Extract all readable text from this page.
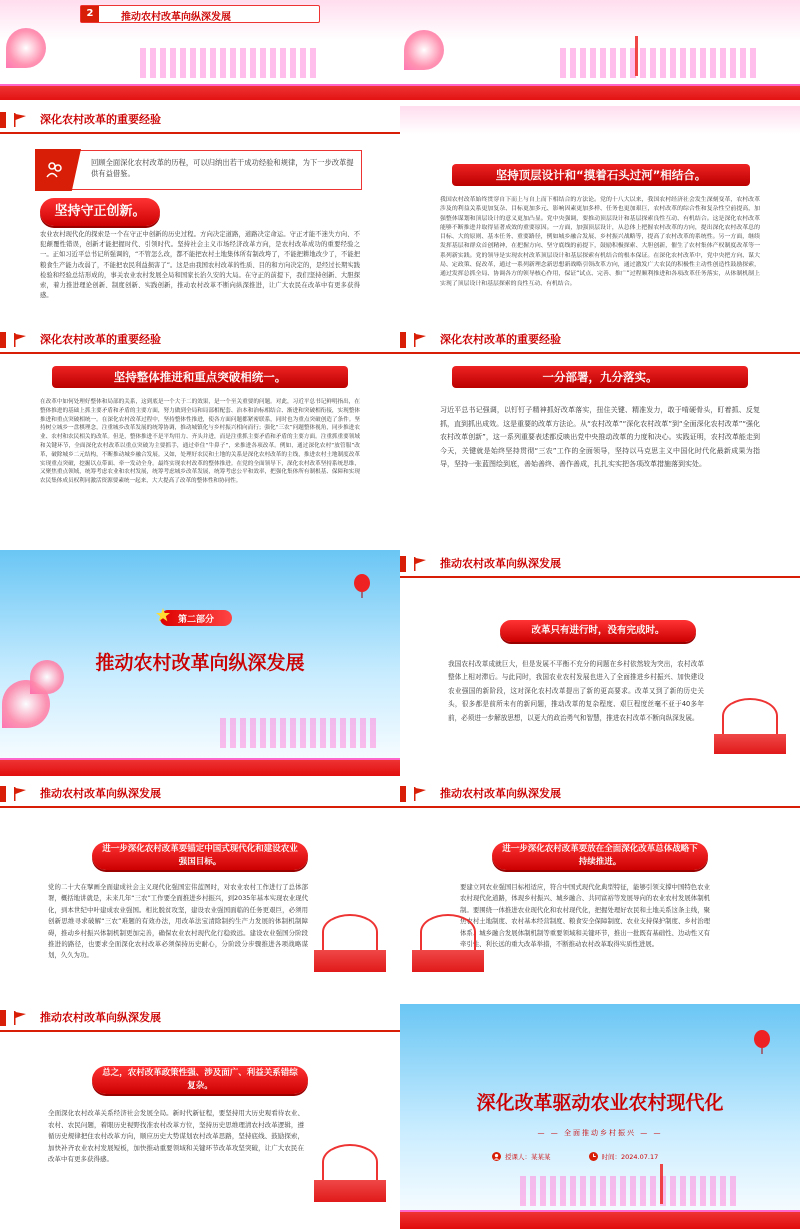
2	推动农村改革向纵深发展
深化农村改革的重要经验
回顾全面深化农村改革的历程，可以归纳出若干成功经验和规律，为下一步改革提供有益借鉴。
坚持守正创新。
农业农村现代化的探索是一个在守正中创新的历史过程。方向决定道路，道路决定命运。守正才能不迷失方向、不犯颠覆性错误，创新才能把握时代、引领时代。坚持社会主义市场经济改革方向，是农村改革成功的重要经验之一。正如习近平总书记所强调的，“不管怎么改，都不能把农村土地集体所有制改垮了，不能把耕地改少了，不能把粮食生产能力改弱了，不能把农民利益损害了”。这是由我国农村改革的性质、目的和方向决定的，是经过长期实践检验和经验总结形成的，事关农业农村发展全局和国家长治久安的大局。在守正的前提下，我们坚持创新、大胆探索，着力推进理论创新、制度创新、实践创新，推动农村改革不断向纵深推进，让广大农民在改革中有更多获得感。
坚持顶层设计和“摸着石头过河”相结合。
我国农村改革始终贯穿自下而上与自上而下相结合的方法论。党的十八大以来，我国农村经济社会发生深刻变革，农村改革涉及的利益关系更加复杂、目标更加多元、影响因素更加多样、任务也更加艰巨，农村改革的综合性和复杂性空前提高，加强整体谋划和顶层设计的意义更加凸显。党中央强调，要推动顶层设计和基层探索良性互动、有机结合。这是深化农村改革能够不断推进并取得显著成效的重要原因。一方面，加强顶层设计，从总体上把握农村改革的方向，提出深化农村改革总的目标、大的原则、基本任务、重要路径，例如城乡融合发展、乡村振兴战略等，提高了农村改革的系统性。另一方面，继续发挥基层和群众首创精神，在把握方向、坚守底线的前提下，鼓励积极探索、大胆创新，催生了农村集体产权制度改革等一系列新实践。党的领导是实现农村改革顶层设计和基层探索有机结合的根本保证。在深化农村改革中，党中央把方向、谋大局、定政策、促改革，通过一系列新理念新思想新战略引领改革方向，通过激发广大农民的积极性主动性创造性鼓励探索，通过发挥总抓全局、协调各方的领导核心作用，保证“试点、完善、推广”过程顺利推进和各项改革任务落实，从体制机制上实现了顶层设计和基层探索的良性互动、有机结合。
深化农村改革的重要经验
坚持整体推进和重点突破相统一。
在改革中如何处理好整体和局部的关系，这到底是一个大于二的效果，是一个至关重要的问题。对此，习近平总书记鲜明指出，在整体推进的基础上抓主要矛盾和矛盾的主要方面，努力做到全局和局部相配套、治本和治标相结合、渐进和突破相衔接，实现整体推进和重点突破相统一。在深化农村改革过程中，坚持整体性推进，使各方面问题都紧密联系，同时也为重点突破创造了条件。坚持树立城乡一盘棋理念，注重城乡改革发展的统筹协调，推动城镇化与乡村振兴相向而行；强化“三农”问题整体视角，同步推进农业、农村和农民相关的改革。但是，整体推进不是平均用力、齐头并进，而是注重抓主要矛盾和矛盾的主要方面。注重抓重要领域和关键环节，全面深化农村改革以重点突破为主要抓手，通过牵住“牛鼻子”，来推进各项改革。例如，通过深化农村“放管服”改革，破除城乡二元结构，不断推动城乡融合发展。又如，处理好农民和土地的关系是深化农村改革的主线，推进农村土地制度改革实现重点突破，挖掘以点带面、牵一发动全身。最终实现农村改革的整体推进。在党的全面领导下，深化农村改革坚持系统思维，又聚焦重点领域，统筹考虑农业和农村发展，统筹考虑城乡改革发展，统筹考虑公平和效率，把强化集体所有制根基、保障和实现农民集体成员权利同激活资源要素统一起来，大大提高了改革的整体性和协同性。
深化农村改革的重要经验
一分部署，九分落实。
习近平总书记强调，以钉钉子精神抓好改革落实，扭住关键、精准发力，敢于啃硬骨头，盯着抓、反复抓，直到抓出成效。这是重要的改革方法论。从“农村改革”“深化农村改革”到“全面深化农村改革”“强化农村改革创新”，这一系列重要表述都反映出党中央推动改革的力度和决心。实践证明，农村改革能走到今天，关键就是始终坚持贯彻“三农”工作的全面领导，坚持以马克思主义中国化时代化最新成果为指导，坚持一张蓝图绘到底，善始善终、善作善成，扎扎实实把各项改革措施落到实处。
第二部分
推动农村改革向纵深发展
推动农村改革向纵深发展
改革只有进行时，没有完成时。
我国农村改革成就巨大，但是发展不平衡不充分的问题在乡村依然较为突出，农村改革整体上相对滞后。与此同时，我国农业农村发展也进入了全面推进乡村振兴、加快建设农业强国的新阶段，这对深化农村改革提出了新的更高要求。改革又到了新的历史关头，很多都是前所未有的新问题，推动改革的复杂程度、艰巨程度丝毫不亚于40多年前，必须进一步解放思想，以更大的政治勇气和智慧，推进农村改革不断向纵深发展。
推动农村改革向纵深发展
进一步深化农村改革要锚定中国式现代化和建设农业强国目标。
党的二十大在擘画全面建成社会主义现代化强国宏伟蓝图时，对农业农村工作进行了总体部署，概括地讲就是，未来几年“三农”工作要全面推进乡村振兴，到2035年基本实现农业现代化，到本世纪中叶建成农业强国。相比脱贫攻坚，建设农业强国面临的任务更艰巨，必须用创新思维寻求破解“三农”难题的有效办法，用改革法宝清除制约生产力发展的体制机制障碍，推动乡村振兴体制机制更加完善，确保农业农村现代化行稳致远。建设农业强国分阶段推进的路径，也要求全面深化农村改革必须保持历史耐心，分阶段分步骤推进各项战略谋划，久久为功。
推动农村改革向纵深发展
进一步深化农村改革要放在全面深化改革总体战略下持续推进。
要建立同农业强国目标相适应，符合中国式现代化典型特征，能够引领支撑中国特色农业农村现代化道路，体现乡村振兴、城乡融合、共同富裕等发展导向的农业农村发展体制机制。要围绕一体推进农业现代化和农村现代化，把握处理好农民和土地关系这条主线，聚焦农村土地制度、农村基本经营制度、粮食安全保障制度、农业支持保护制度、乡村治理体系、城乡融合发展体制机制等重要领域和关键环节，推出一批既有基础性、边动性又有牵引性、利长远的重大改革举措，不断推动农村改革取得实质性进展。
推动农村改革向纵深发展
总之，农村改革政策性强、涉及面广、利益关系错综复杂。
全面深化农村改革关系经济社会发展全局。新时代新征程，要坚持用大历史观看待农业、农村、农民问题，着眼历史视野找准农村改革方位，坚持历史思维理清农村改革逻辑，遵循历史规律把住农村改革方向，顺应历史大势谋划农村改革思路，坚持底线、鼓励探索，加快补齐农业农村发展短板，加快推动重要领域和关键环节改革攻坚突破，让广大农民在改革中有更多获得感。
深化改革驱动农业农村现代化
— — 全面推动乡村振兴 — —
授课人：某某某	时间：2024.07.17
